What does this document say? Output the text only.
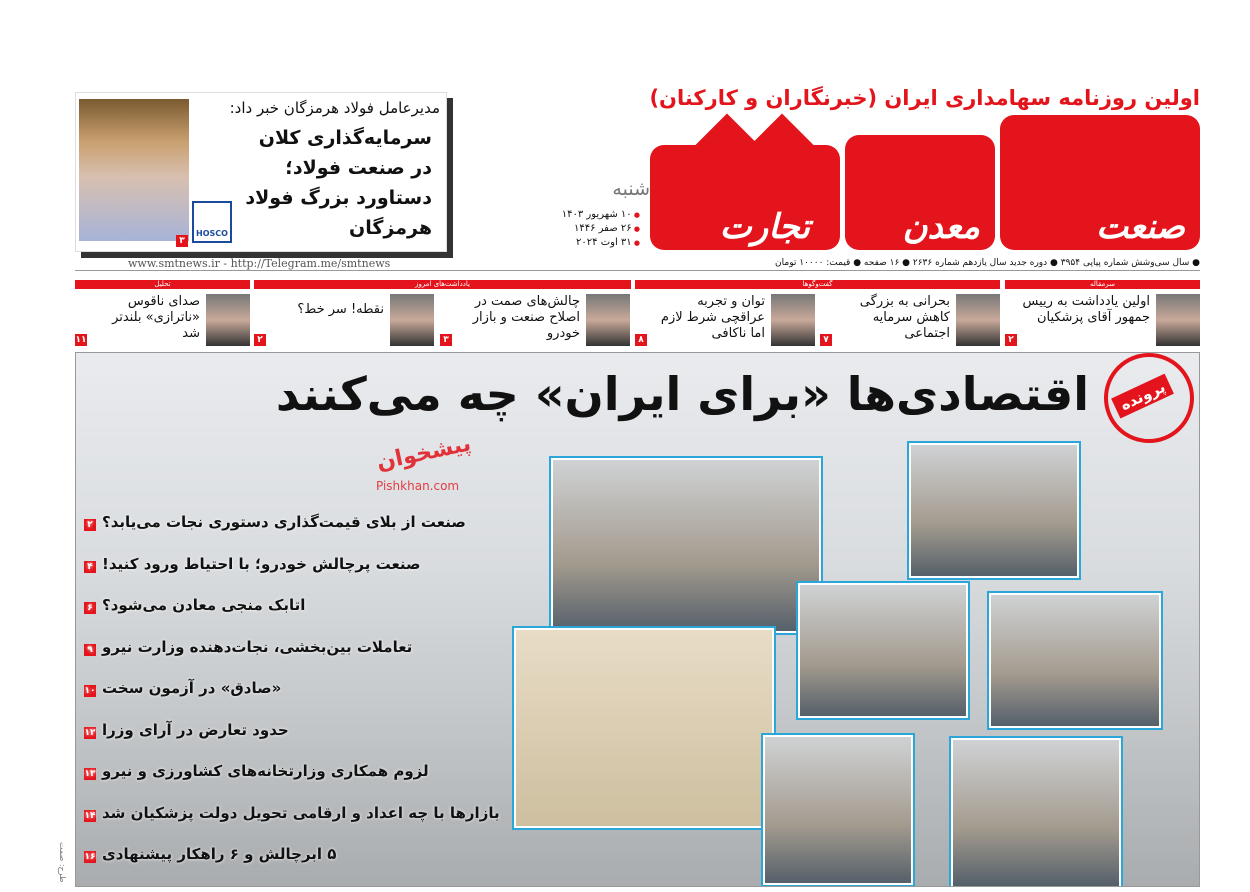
اولین روزنامه سهامداری ایران (خبرنگاران و کارکنان)
صنعت
معدن
تجارت
شنبه
● ۱۰ شهریور ۱۴۰۳
● ۲۶ صفر ۱۴۴۶
● ۳۱ اوت ۲۰۲۴
مدیرعامل فولاد هرمزگان خبر داد:
سرمایه‌گذاری کلان در صنعت فولاد؛ دستاورد بزرگ فولاد هرمزگان
HOSCO
۳
www.smtnews.ir - http://Telegram.me/smtnews	● سال سی‌وشش شماره پیاپی ۳۹۵۴ ● دوره جدید سال یازدهم شماره ۲۶۳۶ ● ۱۶ صفحه ● قیمت: ۱۰۰۰۰ تومان
سرمقاله
گفت‌وگوها
یادداشت‌های امروز
تحلیل
اولین یادداشت به رییس جمهور آقای پزشکیان
۲
بحرانی به بزرگی کاهش سرمایه اجتماعی
۷
توان و تجربه عراقچی شرط لازم اما ناکافی
۸
چالش‌های صمت در اصلاح صنعت و بازار خودرو
۳
نقطه! سر خط؟
۲
صدای ناقوس «ناترازی» بلندتر شد
۱۱
اقتصادی‌ها «برای ایران» چه می‌کنند	پرونده
پیشخوان
Pishkhan.com
صنعت از بلای قیمت‌گذاری دستوری نجات می‌یابد؟۲
صنعت پرچالش خودرو؛ با احتیاط ورود کنید!۴
اتابک منجی معادن می‌شود؟۶
تعاملات بین‌بخشی، نجات‌دهنده وزارت نیرو۹
«صادق» در آزمون سخت۱۰
حدود تعارض در آرای وزرا۱۲
لزوم همکاری وزارتخانه‌های کشاورزی و نیرو۱۳
بازارها با چه اعداد و ارقامی تحویل دولت پزشکیان شد۱۴
۵ ابرچالش و ۶ راهکار پیشنهادی۱۶
طرح: صمت
